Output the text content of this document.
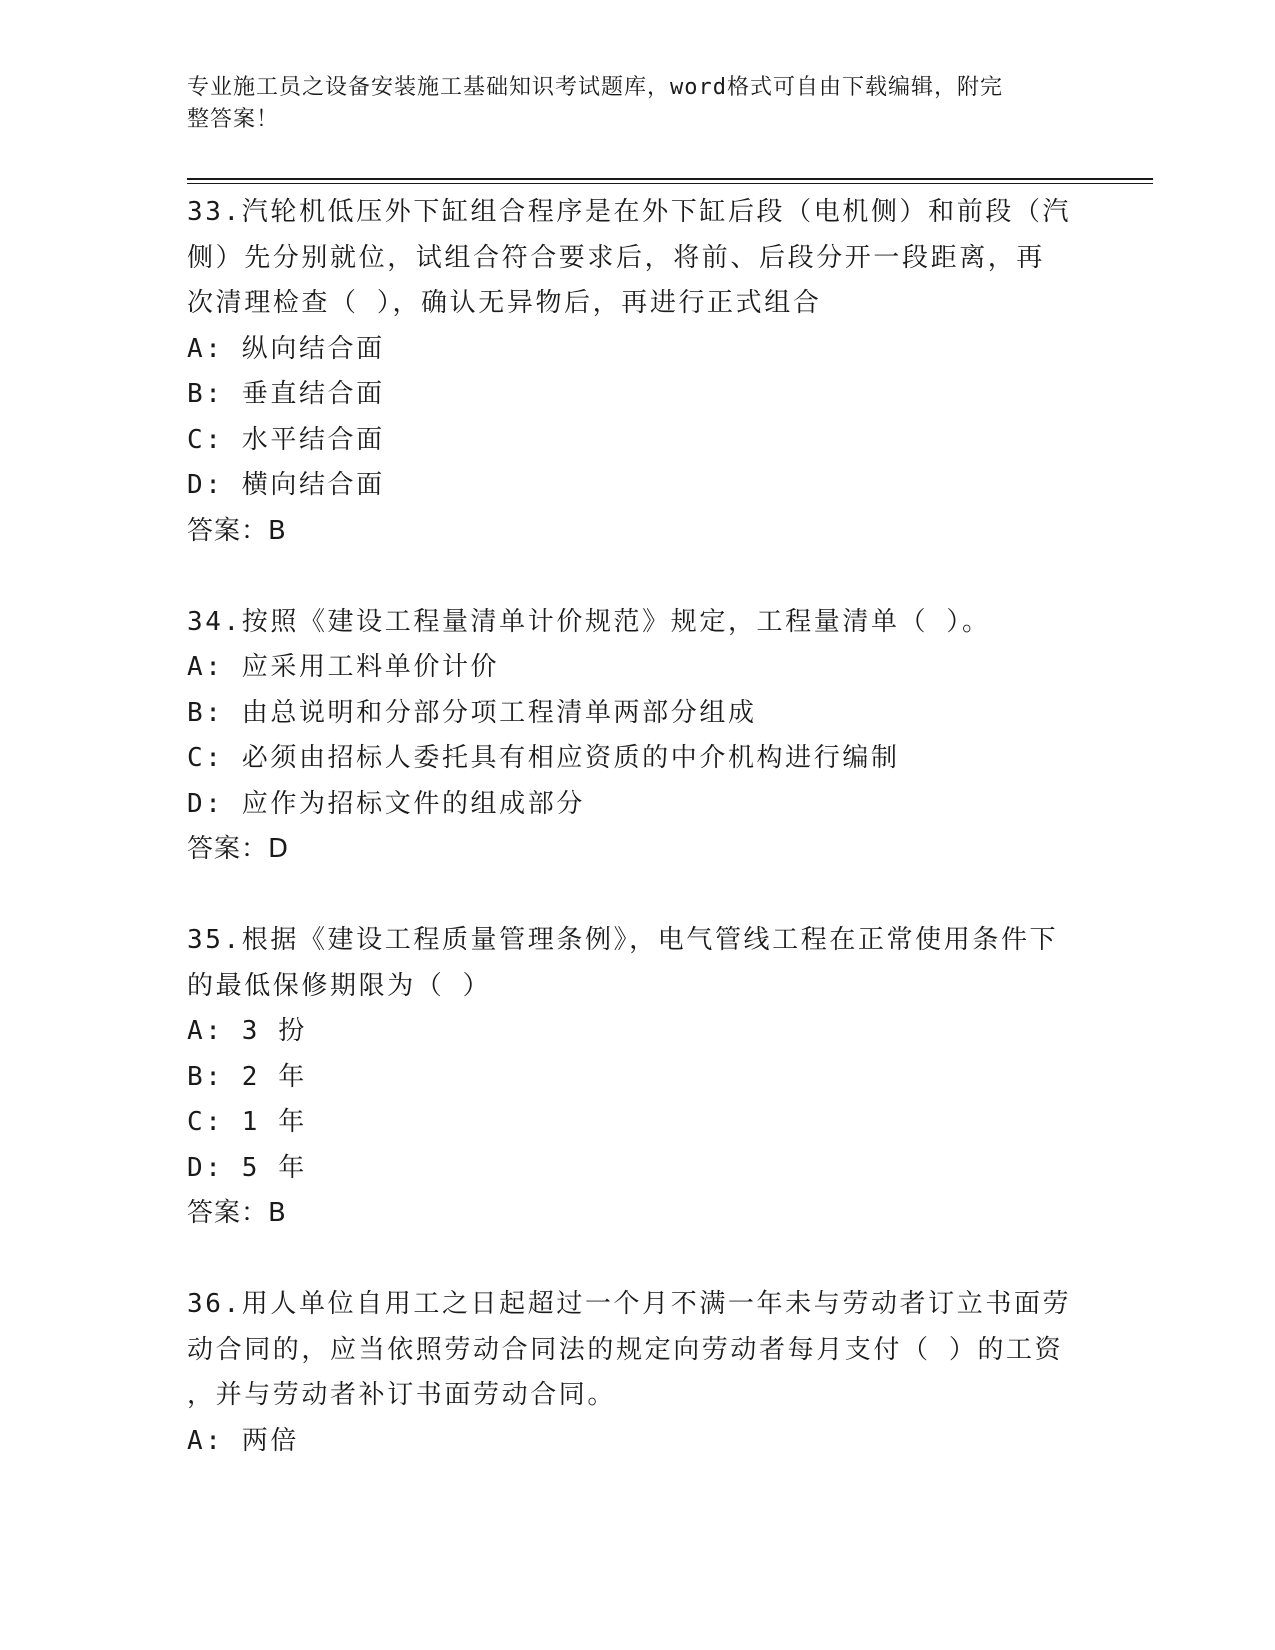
专业施工员之设备安装施工基础知识考试题库，word格式可自由下载编辑，附完
整答案！
33.汽轮机低压外下缸组合程序是在外下缸后段（电机侧）和前段（汽
侧）先分别就位，试组合符合要求后，将前、后段分开一段距离，再
次清理检查（ ），确认无异物后，再进行正式组合
A: 纵向结合面
B: 垂直结合面
C: 水平结合面
D: 横向结合面
答案：B
34.按照《建设工程量清单计价规范》规定，工程量清单（ ）。
A: 应采用工料单价计价
B: 由总说明和分部分项工程清单两部分组成
C: 必须由招标人委托具有相应资质的中介机构进行编制
D: 应作为招标文件的组成部分
答案：D
35.根据《建设工程质量管理条例》，电气管线工程在正常使用条件下
的最低保修期限为（ ）
A: 3 扮
B: 2 年
C: 1 年
D: 5 年
答案：B
36.用人单位自用工之日起超过一个月不满一年未与劳动者订立书面劳
动合同的，应当依照劳动合同法的规定向劳动者每月支付（ ）的工资
，并与劳动者补订书面劳动合同。
A: 两倍
